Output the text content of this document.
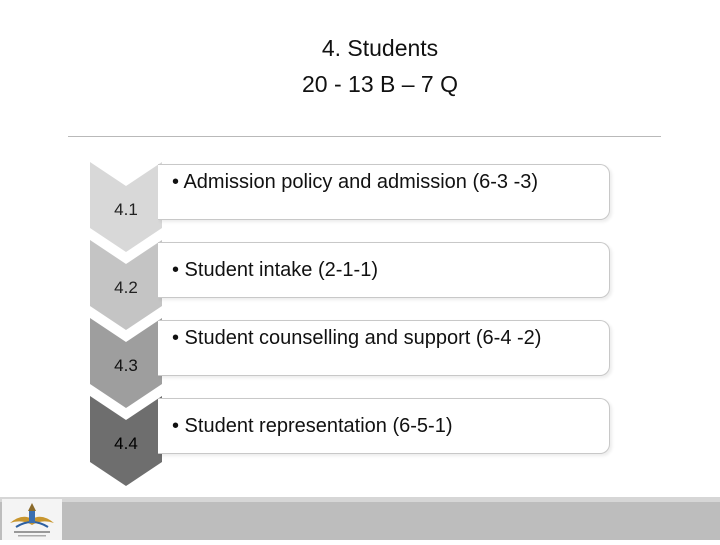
4. Students
20 - 13 B – 7 Q
4.1
• Admission policy and admission (6-3 -3)
4.2
• Student intake (2-1-1)
4.3
• Student counselling and support (6-4 -2)
4.4
• Student representation (6-5-1)
